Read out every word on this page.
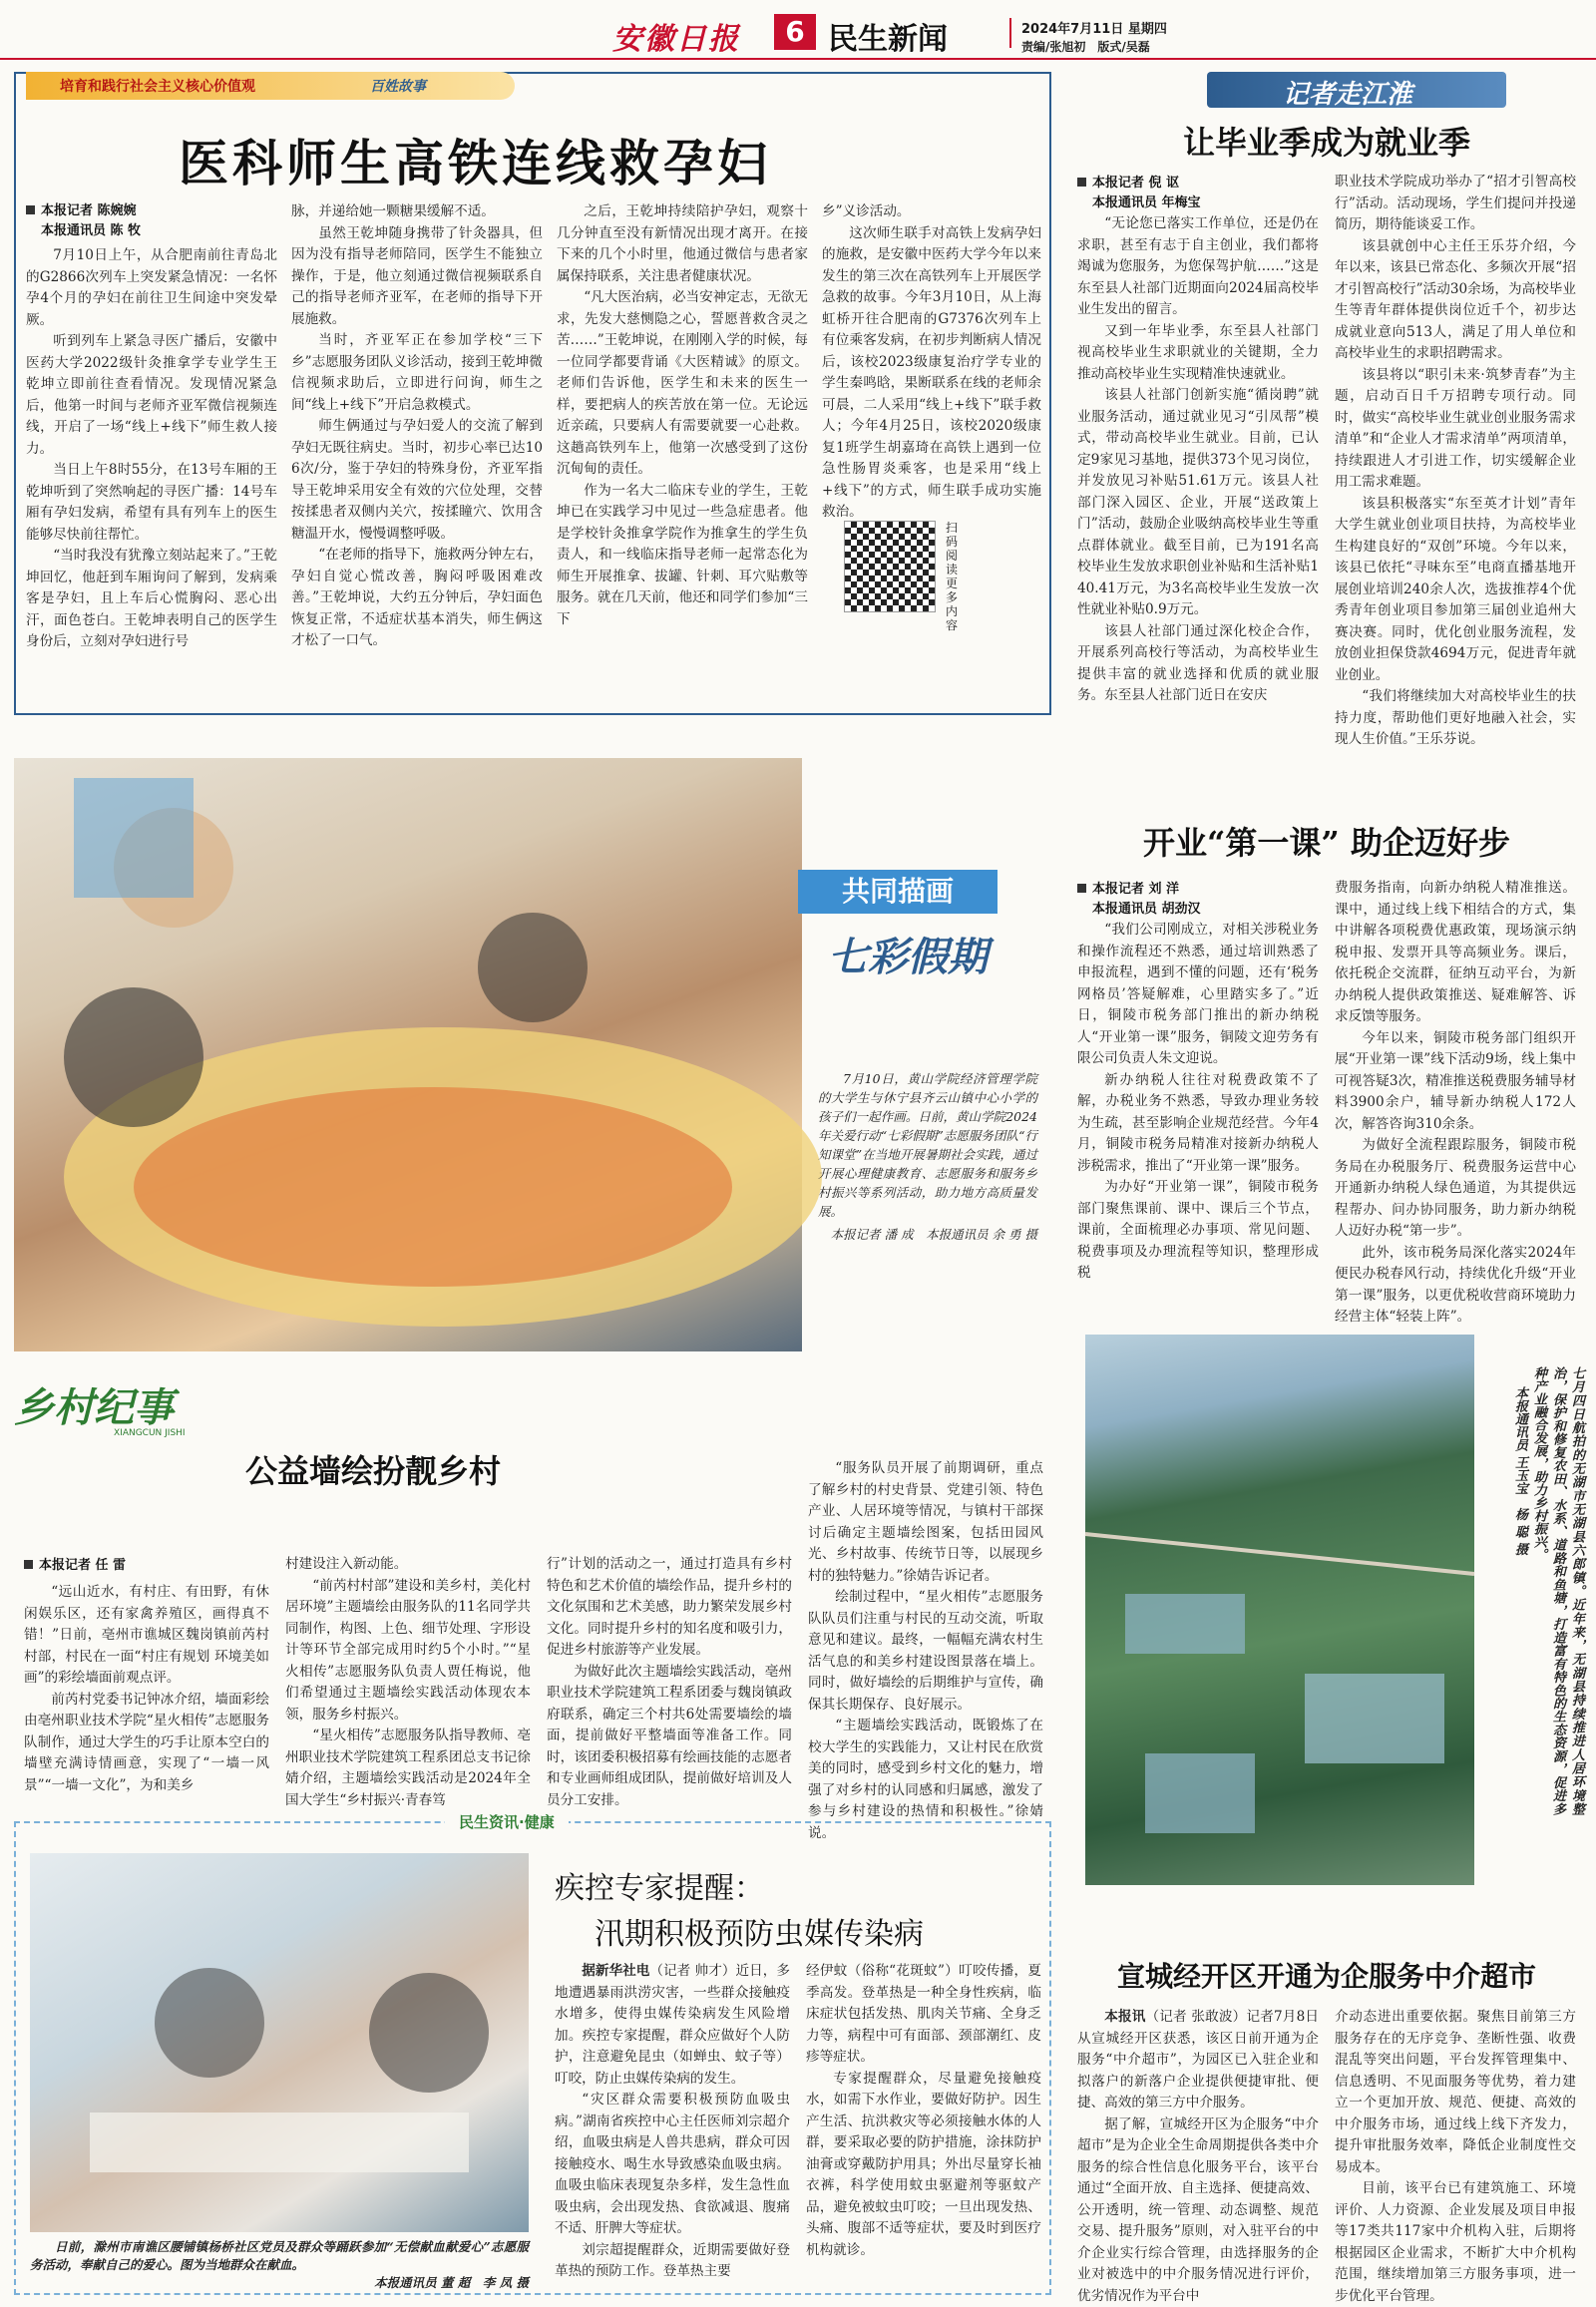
安徽日报	6 民生新闻	2024年7月11日 星期四
责编/张旭初　版式/吴磊
培育和践行社会主义核心价值观	百姓故事
医科师生高铁连线救孕妇
本报记者 陈婉婉
本报通讯员 陈 牧

7月10日上午，从合肥南前往青岛北的G2866次列车上突发紧急情况：一名怀孕4个月的孕妇在前往卫生间途中突发晕厥。

听到列车上紧急寻医广播后，安徽中医药大学2022级针灸推拿学专业学生王乾坤立即前往查看情况。发现情况紧急后，他第一时间与老师齐亚军微信视频连线，开启了一场“线上+线下”师生救人接力。

当日上午8时55分，在13号车厢的王乾坤听到了突然响起的寻医广播：14号车厢有孕妇发病，希望有具有列车上的医生能够尽快前往帮忙。

“当时我没有犹豫立刻站起来了。”王乾坤回忆，他赶到车厢询问了解到，发病乘客是孕妇，且上车后心慌胸闷、恶心出汗，面色苍白。王乾坤表明自己的医学生身份后，立刻对孕妇进行号

脉，并递给她一颗糖果缓解不适。

虽然王乾坤随身携带了针灸器具，但因为没有指导老师陪同，医学生不能独立操作，于是，他立刻通过微信视频联系自己的指导老师齐亚军，在老师的指导下开展施救。

当时，齐亚军正在参加学校“三下乡”志愿服务团队义诊活动，接到王乾坤微信视频求助后，立即进行问询，师生之间“线上+线下”开启急救模式。

师生俩通过与孕妇爱人的交流了解到孕妇无既往病史。当时，初步心率已达106次/分，鉴于孕妇的特殊身份，齐亚军指导王乾坤采用安全有效的穴位处理，交替按揉患者双侧内关穴，按揉瞳穴、饮用含糖温开水，慢慢调整呼吸。

“在老师的指导下，施救两分钟左右，孕妇自觉心慌改善，胸闷呼吸困难改善。”王乾坤说，大约五分钟后，孕妇面色恢复正常，不适症状基本消失，师生俩这才松了一口气。

之后，王乾坤持续陪护孕妇，观察十几分钟直至没有新情况出现才离开。在接下来的几个小时里，他通过微信与患者家属保持联系，关注患者健康状况。

“凡大医治病，必当安神定志，无欲无求，先发大慈恻隐之心，誓愿普救含灵之苦……”王乾坤说，在刚刚入学的时候，每一位同学都要背诵《大医精诚》的原文。老师们告诉他，医学生和未来的医生一样，要把病人的疾苦放在第一位。无论远近亲疏，只要病人有需要就要一心赴救。这趟高铁列车上，他第一次感受到了这份沉甸甸的责任。

作为一名大二临床专业的学生，王乾坤已在实践学习中见过一些急症患者。他是学校针灸推拿学院作为推拿生的学生负责人，和一线临床指导老师一起常态化为师生开展推拿、拔罐、针刺、耳穴贴敷等服务。就在几天前，他还和同学们参加“三下

乡”义诊活动。

这次师生联手对高铁上发病孕妇的施救，是安徽中医药大学今年以来发生的第三次在高铁列车上开展医学急救的故事。今年3月10日，从上海虹桥开往合肥南的G7376次列车上有位乘客发病，在初步判断病人情况后，该校2023级康复治疗学专业的学生秦鸣晗，果断联系在线的老师余可晨，二人采用“线上+线下”联手救人；今年4月25日，该校2020级康复1班学生胡嘉琦在高铁上遇到一位急性肠胃炎乘客，也是采用“线上+线下”的方式，师生联手成功实施救治。

扫码阅读更多内容
记者走江淮
让毕业季成为就业季
本报记者 倪 讴
本报通讯员 年梅宝

“无论您已落实工作单位，还是仍在求职，甚至有志于自主创业，我们都将竭诚为您服务，为您保驾护航……”这是东至县人社部门近期面向2024届高校毕业生发出的留言。

又到一年毕业季，东至县人社部门视高校毕业生求职就业的关键期，全力推动高校毕业生实现精准快速就业。

该县人社部门创新实施“循岗聘”就业服务活动，通过就业见习“引凤帮”模式，带动高校毕业生就业。目前，已认定9家见习基地，提供373个见习岗位，并发放见习补贴51.61万元。该县人社部门深入园区、企业，开展“送政策上门”活动，鼓励企业吸纳高校毕业生等重点群体就业。截至目前，已为191名高校毕业生发放求职创业补贴和生活补贴140.41万元，为3名高校毕业生发放一次性就业补贴0.9万元。

该县人社部门通过深化校企合作，开展系列高校行等活动，为高校毕业生提供丰富的就业选择和优质的就业服务。东至县人社部门近日在安庆

职业技术学院成功举办了“招才引智高校行”活动。活动现场，学生们提问并投递简历，期待能谈妥工作。

该县就创中心主任王乐芬介绍，今年以来，该县已常态化、多频次开展“招才引智高校行”活动30余场，为高校毕业生等青年群体提供岗位近千个，初步达成就业意向513人，满足了用人单位和高校毕业生的求职招聘需求。

该县将以“职引未来·筑梦青春”为主题，启动百日千万招聘专项行动。同时，做实“高校毕业生就业创业服务需求清单”和“企业人才需求清单”两项清单，持续跟进人才引进工作，切实缓解企业用工需求难题。

该县积极落实“东至英才计划”青年大学生就业创业项目扶持，为高校毕业生构建良好的“双创”环境。今年以来，该县已依托“寻味东至”电商直播基地开展创业培训240余人次，选拔推荐4个优秀青年创业项目参加第三届创业追州大赛决赛。同时，优化创业服务流程，发放创业担保贷款4694万元，促进青年就业创业。

“我们将继续加大对高校毕业生的扶持力度，帮助他们更好地融入社会，实现人生价值。”王乐芬说。

共同描画
七彩假期

7月10日，黄山学院经济管理学院的大学生与休宁县齐云山镇中心小学的孩子们一起作画。日前，黄山学院2024年关爱行动“七彩假期”志愿服务团队“行知课堂”在当地开展暑期社会实践，通过开展心理健康教育、志愿服务和服务乡村振兴等系列活动，助力地方高质量发展。

本报记者 潘 成　本报通讯员 余 勇 摄
开业“第一课” 助企迈好步
本报记者 刘 洋
本报通讯员 胡劲汉

“我们公司刚成立，对相关涉税业务和操作流程还不熟悉，通过培训熟悉了申报流程，遇到不懂的问题，还有‘税务网格员’答疑解难，心里踏实多了。”近日，铜陵市税务部门推出的新办纳税人“开业第一课”服务，铜陵文迎劳务有限公司负责人朱文迎说。

新办纳税人往往对税费政策不了解，办税业务不熟悉，导致办理业务较为生疏，甚至影响企业规范经营。今年4月，铜陵市税务局精准对接新办纳税人涉税需求，推出了“开业第一课”服务。

为办好“开业第一课”，铜陵市税务部门聚焦课前、课中、课后三个节点，课前，全面梳理必办事项、常见问题、税费事项及办理流程等知识，整理形成税

费服务指南，向新办纳税人精准推送。课中，通过线上线下相结合的方式，集中讲解各项税费优惠政策，现场演示纳税申报、发票开具等高频业务。课后，依托税企交流群，征纳互动平台，为新办纳税人提供政策推送、疑难解答、诉求反馈等服务。

今年以来，铜陵市税务部门组织开展“开业第一课”线下活动9场，线上集中可视答疑3次，精准推送税费服务辅导材料3900余户，辅导新办纳税人172人次，解答咨询310余条。

为做好全流程跟踪服务，铜陵市税务局在办税服务厅、税费服务运营中心开通新办纳税人绿色通道，为其提供远程帮办、问办协同服务，助力新办纳税人迈好办税“第一步”。

此外，该市税务局深化落实2024年便民办税春风行动，持续优化升级“开业第一课”服务，以更优税收营商环境助力经营主体“轻装上阵”。

乡村纪事
XIANGCUN JISHI
公益墙绘扮靓乡村
本报记者 任 雷

“远山近水，有村庄、有田野，有休闲娱乐区，还有家禽养殖区，画得真不错！”日前，亳州市谯城区魏岗镇前芮村村部，村民在一面“村庄有规划 环境美如画”的彩绘墙面前观点评。

前芮村党委书记钟冰介绍，墙面彩绘由亳州职业技术学院“星火相传”志愿服务队制作，通过大学生的巧手让原本空白的墙壁充满诗情画意，实现了“一墙一风景”“一墙一文化”，为和美乡

村建设注入新动能。

“前芮村村部”建设和美乡村，美化村居环境”主题墙绘由服务队的11名同学共同制作，构图、上色、细节处理、字形设计等环节全部完成用时约5个小时。”“星火相传”志愿服务队负责人贾任梅说，他们希望通过主题墙绘实践活动体现农本领，服务乡村振兴。

“星火相传”志愿服务队指导教师、亳州职业技术学院建筑工程系团总支书记徐婧介绍，主题墙绘实践活动是2024年全国大学生“乡村振兴·青春笃

行”计划的活动之一，通过打造具有乡村特色和艺术价值的墙绘作品，提升乡村的文化氛围和艺术美感，助力繁荣发展乡村文化。同时提升乡村的知名度和吸引力，促进乡村旅游等产业发展。

为做好此次主题墙绘实践活动，亳州职业技术学院建筑工程系团委与魏岗镇政府联系，确定三个村共6处需要墙绘的墙面，提前做好平整墙面等准备工作。同时，该团委积极招募有绘画技能的志愿者和专业画师组成团队，提前做好培训及人员分工安排。

“服务队员开展了前期调研，重点了解乡村的村史背景、党建引领、特色产业、人居环境等情况，与镇村干部探讨后确定主题墙绘图案，包括田园风光、乡村故事、传统节日等，以展现乡村的独特魅力。”徐婧告诉记者。

绘制过程中，“星火相传”志愿服务队队员们注重与村民的互动交流，听取意见和建议。最终，一幅幅充满农村生活气息的和美乡村建设图景落在墙上。同时，做好墙绘的后期维护与宣传，确保其长期保存、良好展示。

“主题墙绘实践活动，既锻炼了在校大学生的实践能力，又让村民在欣赏美的同时，感受到乡村文化的魅力，增强了对乡村的认同感和归属感，激发了参与乡村建设的热情和积极性。”徐婧说。

七月四日航拍的无湖市无湖县六郎镇。近年来，无湖县持续推进人居环境整治，保护和修复农田、水系、道路和鱼塘，打造富有特色的生态资源，促进多种产业融合发展，助力乡村振兴。
本报通讯员 王玉宝　杨 聪 摄
民生资讯·健康

日前，滁州市南谯区腰铺镇杨桥社区党员及群众等踊跃参加“无偿献血献爱心”志愿服务活动，奉献自己的爱心。图为当地群众在献血。

本报通讯员 董 超　李 凤 摄
疾控专家提醒：
汛期积极预防虫媒传染病

据新华社电（记者 帅才）近日，多地遭遇暴雨洪涝灾害，一些群众接触疫水增多，使得虫媒传染病发生风险增加。疾控专家提醒，群众应做好个人防护，注意避免昆虫（如蝉虫、蚊子等）叮咬，防止虫媒传染病的发生。

“灾区群众需要积极预防血吸虫病。”湖南省疾控中心主任医师刘宗超介绍，血吸虫病是人兽共患病，群众可因接触疫水、喝生水导致感染血吸虫病。血吸虫临床表现复杂多样，发生急性血吸虫病，会出现发热、食欲减退、腹痛不适、肝脾大等症状。

刘宗超提醒群众，近期需要做好登革热的预防工作。登革热主要

经伊蚊（俗称“花斑蚊”）叮咬传播，夏季高发。登革热是一种全身性疾病，临床症状包括发热、肌肉关节痛、全身乏力等，病程中可有面部、颈部潮红、皮疹等症状。

专家提醒群众，尽量避免接触疫水，如需下水作业，要做好防护。因生产生活、抗洪救灾等必须接触水体的人群，要采取必要的防护措施，涂抹防护油膏或穿戴防护用具；外出尽量穿长袖衣裤，科学使用蚊虫驱避剂等驱蚊产品，避免被蚊虫叮咬；一旦出现发热、头痛、腹部不适等症状，要及时到医疗机构就诊。

宣城经开区开通为企服务中介超市

本报讯（记者 张敢波）记者7月8日从宣城经开区获悉，该区日前开通为企服务“中介超市”，为园区已入驻企业和拟落户的新落户企业提供便捷审批、便捷、高效的第三方中介服务。

据了解，宣城经开区为企服务“中介超市”是为企业全生命周期提供各类中介服务的综合性信息化服务平台，该平台通过“全面开放、自主选择、便捷高效、公开透明，统一管理、动态调整、规范交易、提升服务”原则，对入驻平台的中介企业实行综合管理，由选择服务的企业对被选中的中介服务情况进行评价，优劣情况作为平台中

介动态进出重要依据。聚焦目前第三方服务存在的无序竞争、垄断性强、收费混乱等突出问题，平台发挥管理集中、信息透明、不见面服务等优势，着力建立一个更加开放、规范、便捷、高效的中介服务市场，通过线上线下齐发力，提升审批服务效率，降低企业制度性交易成本。

目前，该平台已有建筑施工、环境评价、人力资源、企业发展及项目申报等17类共117家中介机构入驻，后期将根据园区企业需求，不断扩大中介机构范围，继续增加第三方服务事项，进一步优化平台管理。
